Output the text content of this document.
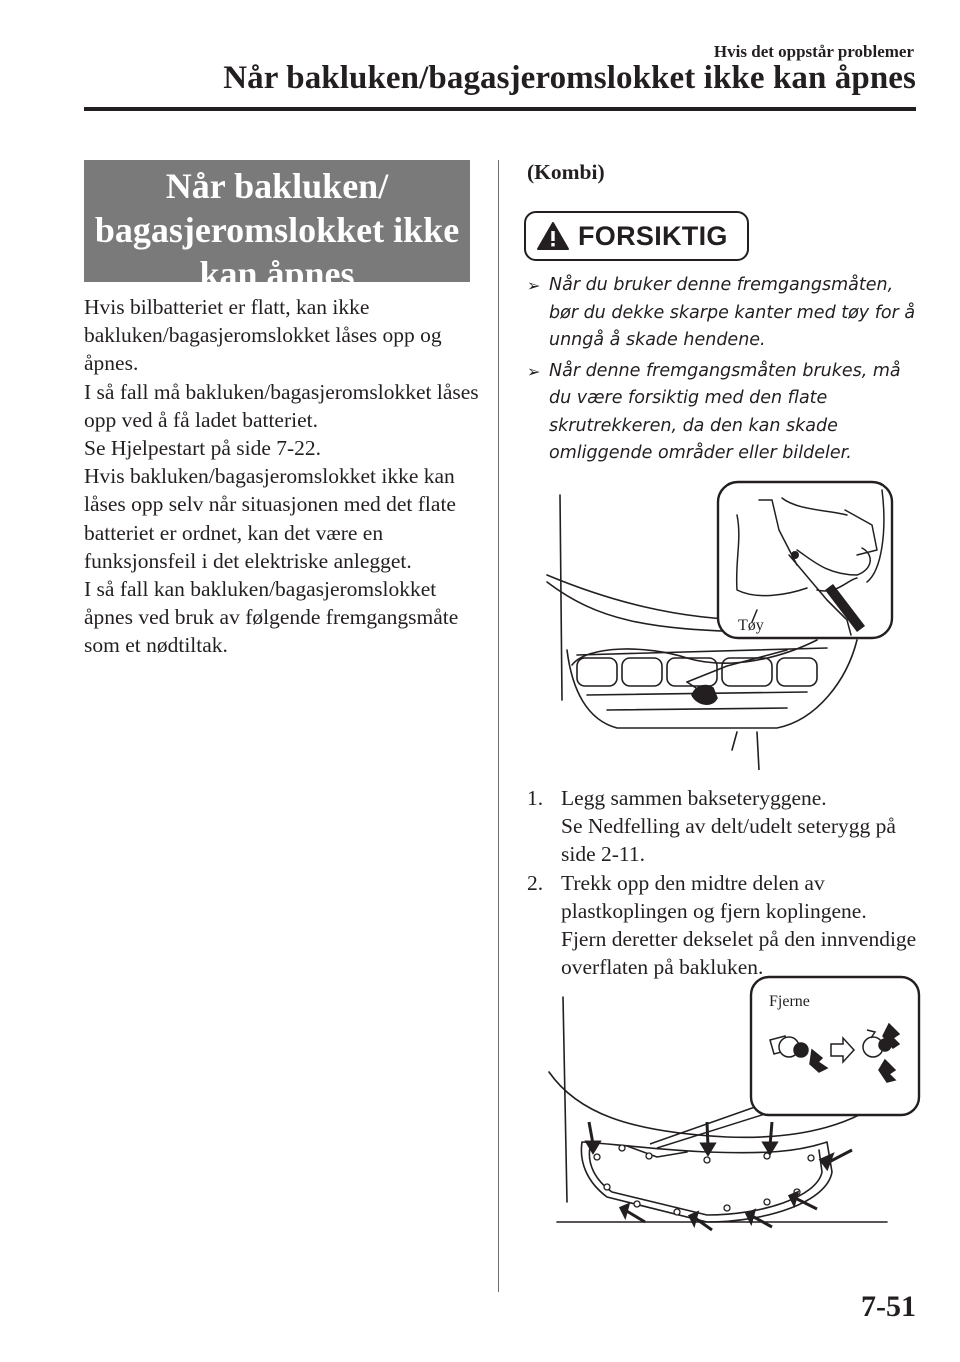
Hvis det oppstår problemer
Når bakluken/bagasjeromslokket ikke kan åpnes
Når bakluken/
bagasjeromslokket ikke
kan åpnes

Hvis bilbatteriet er flatt, kan ikke bakluken/bagasjeromslokket låses opp og åpnes.

I så fall må bakluken/bagasjeromslokket låses opp ved å få ladet batteriet.

Se Hjelpestart på side 7-22.

Hvis bakluken/bagasjeromslokket ikke kan låses opp selv når situasjonen med det flate batteriet er ordnet, kan det være en funksjonsfeil i det elektriske anlegget.

I så fall kan bakluken/bagasjeromslokket åpnes ved bruk av følgende fremgangsmåte som et nødtiltak.

(Kombi)
FORSIKTIG
➢ Når du bruker denne fremgangsmåten, bør du dekke skarpe kanter med tøy for å unngå å skade hendene.
➢ Når denne fremgangsmåten brukes, må du være forsiktig med den flate skrutrekkeren, da den kan skade omliggende områder eller bildeler.
Tøy
1. Legg sammen bakseteryggene.

Se Nedfelling av delt/udelt seterygg på side 2-11.

2. Trekk opp den midtre delen av plastkoplingen og fjern koplingene.

Fjern deretter dekselet på den innvendige overflaten på bakluken.

Fjerne
7-51
